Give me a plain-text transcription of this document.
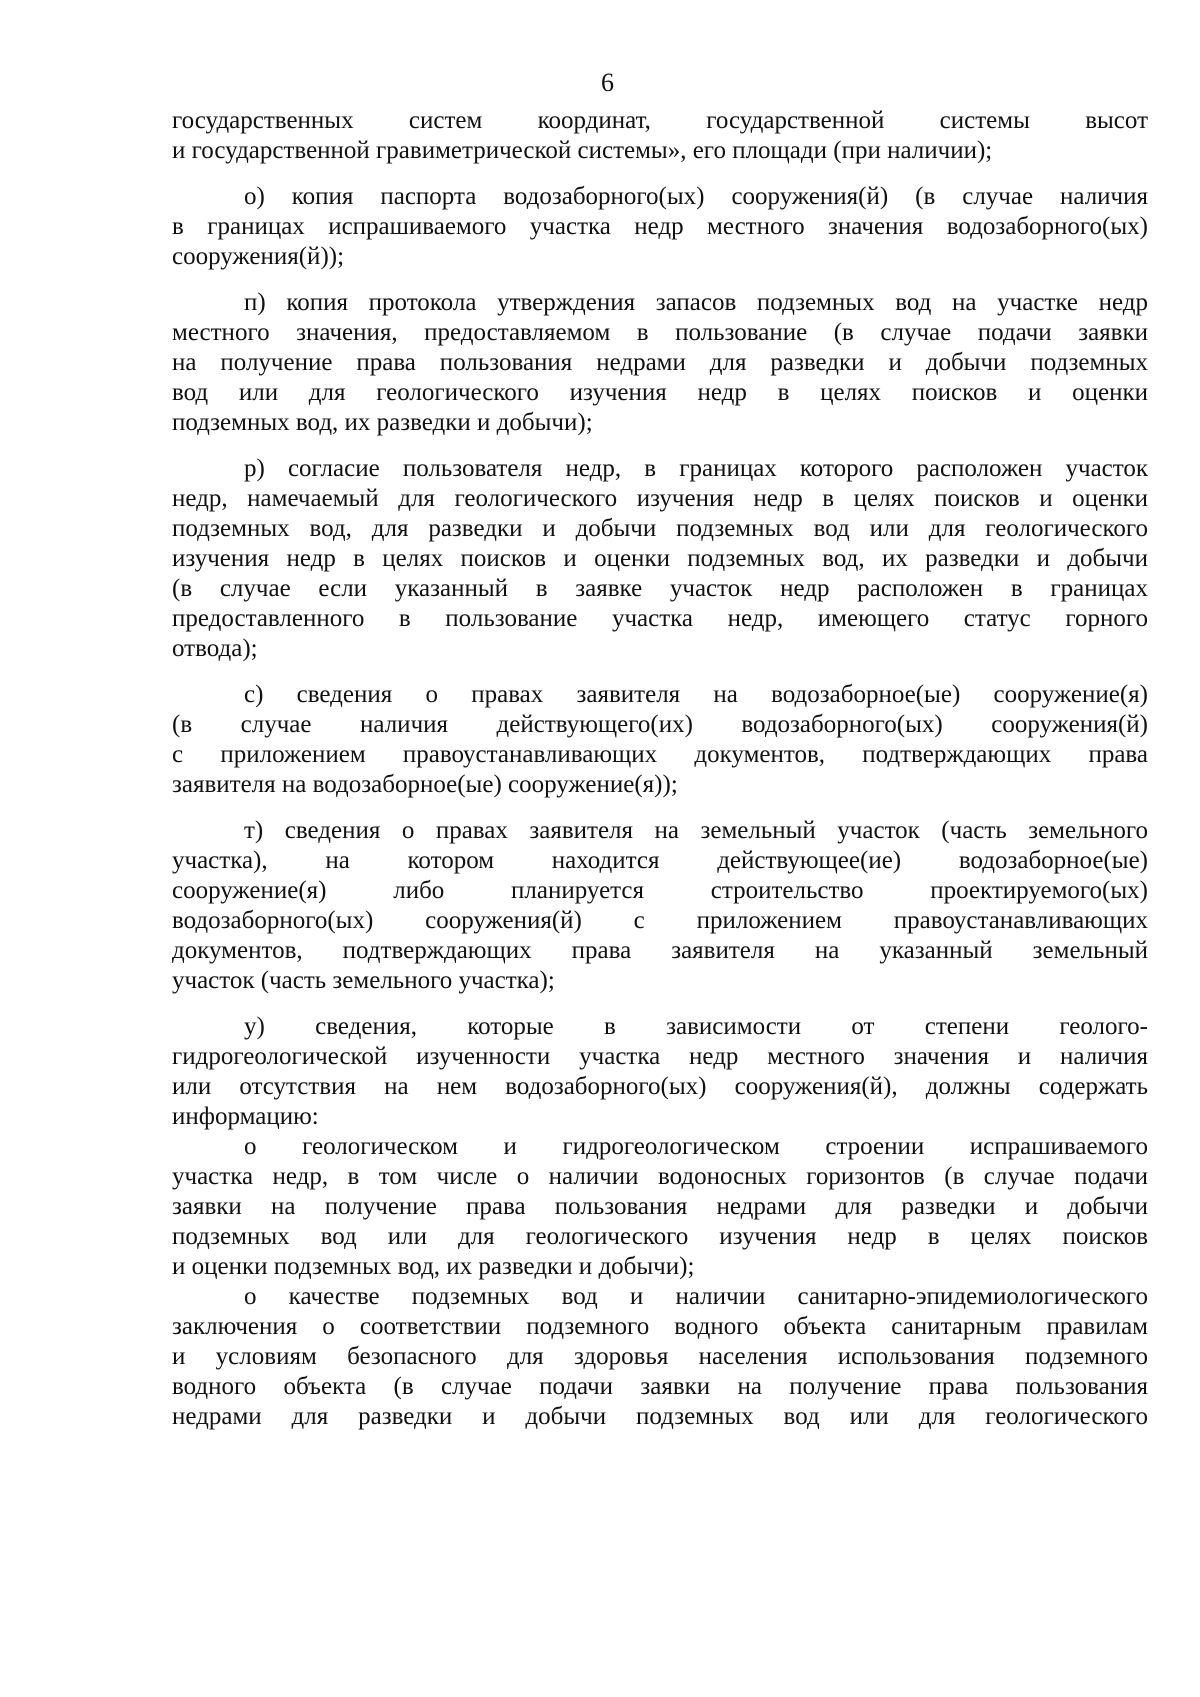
6
государственных систем координат, государственной системы высот
и государственной гравиметрической системы», его площади (при наличии);
о) копия паспорта водозаборного(ых) сооружения(й) (в случае наличия
в границах испрашиваемого участка недр местного значения водозаборного(ых)
сооружения(й));
п) копия протокола утверждения запасов подземных вод на участке недр
местного значения, предоставляемом в пользование (в случае подачи заявки
на получение права пользования недрами для разведки и добычи подземных
вод или для геологического изучения недр в целях поисков и оценки
подземных вод, их разведки и добычи);
р) согласие пользователя недр, в границах которого расположен участок
недр, намечаемый для геологического изучения недр в целях поисков и оценки
подземных вод, для разведки и добычи подземных вод или для геологического
изучения недр в целях поисков и оценки подземных вод, их разведки и добычи
(в случае если указанный в заявке участок недр расположен в границах
предоставленного в пользование участка недр, имеющего статус горного
отвода);
с) сведения о правах заявителя на водозаборное(ые) сооружение(я)
(в случае наличия действующего(их) водозаборного(ых) сооружения(й)
с приложением правоустанавливающих документов, подтверждающих права
заявителя на водозаборное(ые) сооружение(я));
т) сведения о правах заявителя на земельный участок (часть земельного
участка), на котором находится действующее(ие) водозаборное(ые)
сооружение(я) либо планируется строительство проектируемого(ых)
водозаборного(ых) сооружения(й) с приложением правоустанавливающих
документов, подтверждающих права заявителя на указанный земельный
участок (часть земельного участка);
у) сведения, которые в зависимости от степени геолого-
гидрогеологической изученности участка недр местного значения и наличия
или отсутствия на нем водозаборного(ых) сооружения(й), должны содержать
информацию:
о геологическом и гидрогеологическом строении испрашиваемого
участка недр, в том числе о наличии водоносных горизонтов (в случае подачи
заявки на получение права пользования недрами для разведки и добычи
подземных вод или для геологического изучения недр в целях поисков
и оценки подземных вод, их разведки и добычи);
о качестве подземных вод и наличии санитарно-эпидемиологического
заключения о соответствии подземного водного объекта санитарным правилам
и условиям безопасного для здоровья населения использования подземного
водного объекта (в случае подачи заявки на получение права пользования
недрами для разведки и добычи подземных вод или для геологического
